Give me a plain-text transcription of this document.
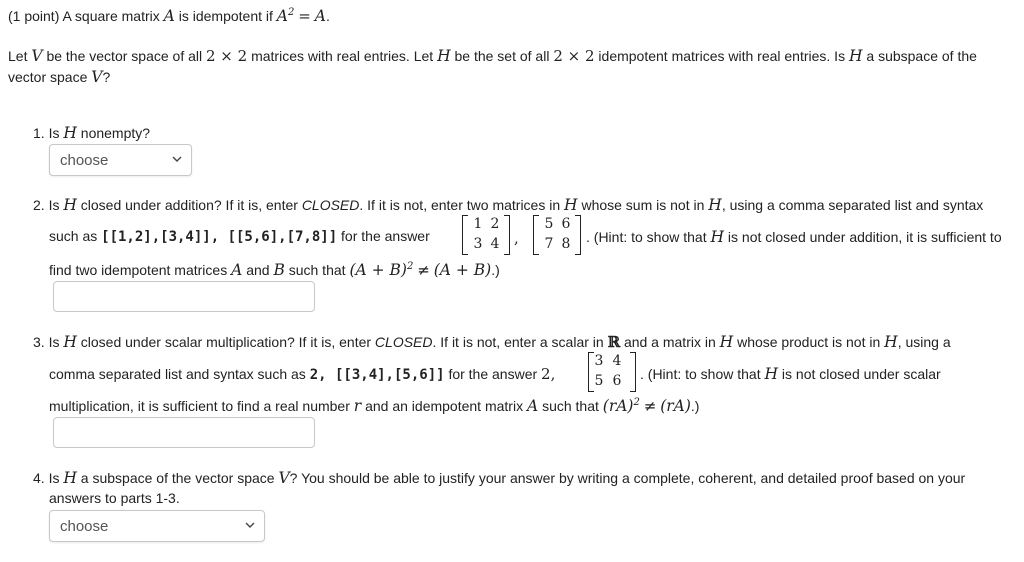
(1 point) A square matrix A is idempotent if $A^2 = A$.
Let V be the vector space of all 2 × 2 matrices with real entries. Let H be the set of all 2 × 2 idempotent matrices with real entries. Is H a subspace of the
vector space V?
1. Is H nonempty?
choose
2. Is H closed under addition? If it is, enter CLOSED. If it is not, enter two matrices in H whose sum is not in H, using a comma separated list and syntax
such as [[1,2],[3,4]], [[5,6],[7,8]] for the answer
1 2
3 4 ,
5 6
7 8 . (Hint: to show that H is not closed under addition, it is sufficient to
find two idempotent matrices A and B such that $(A + B)^2 \ne (A + B)$.)
3. Is H closed under scalar multiplication? If it is, enter CLOSED. If it is not, enter a scalar in ℝ and a matrix in H whose product is not in H, using a
comma separated list and syntax such as 2, [[3,4],[5,6]] for the answer 2,
3 4
5 6 . (Hint: to show that H is not closed under scalar
multiplication, it is sufficient to find a real number r and an idempotent matrix A such that (rA)$^2$ ≠ (rA).)
4. Is H a subspace of the vector space V? You should be able to justify your answer by writing a complete, coherent, and detailed proof based on your
answers to parts 1-3.
choose
